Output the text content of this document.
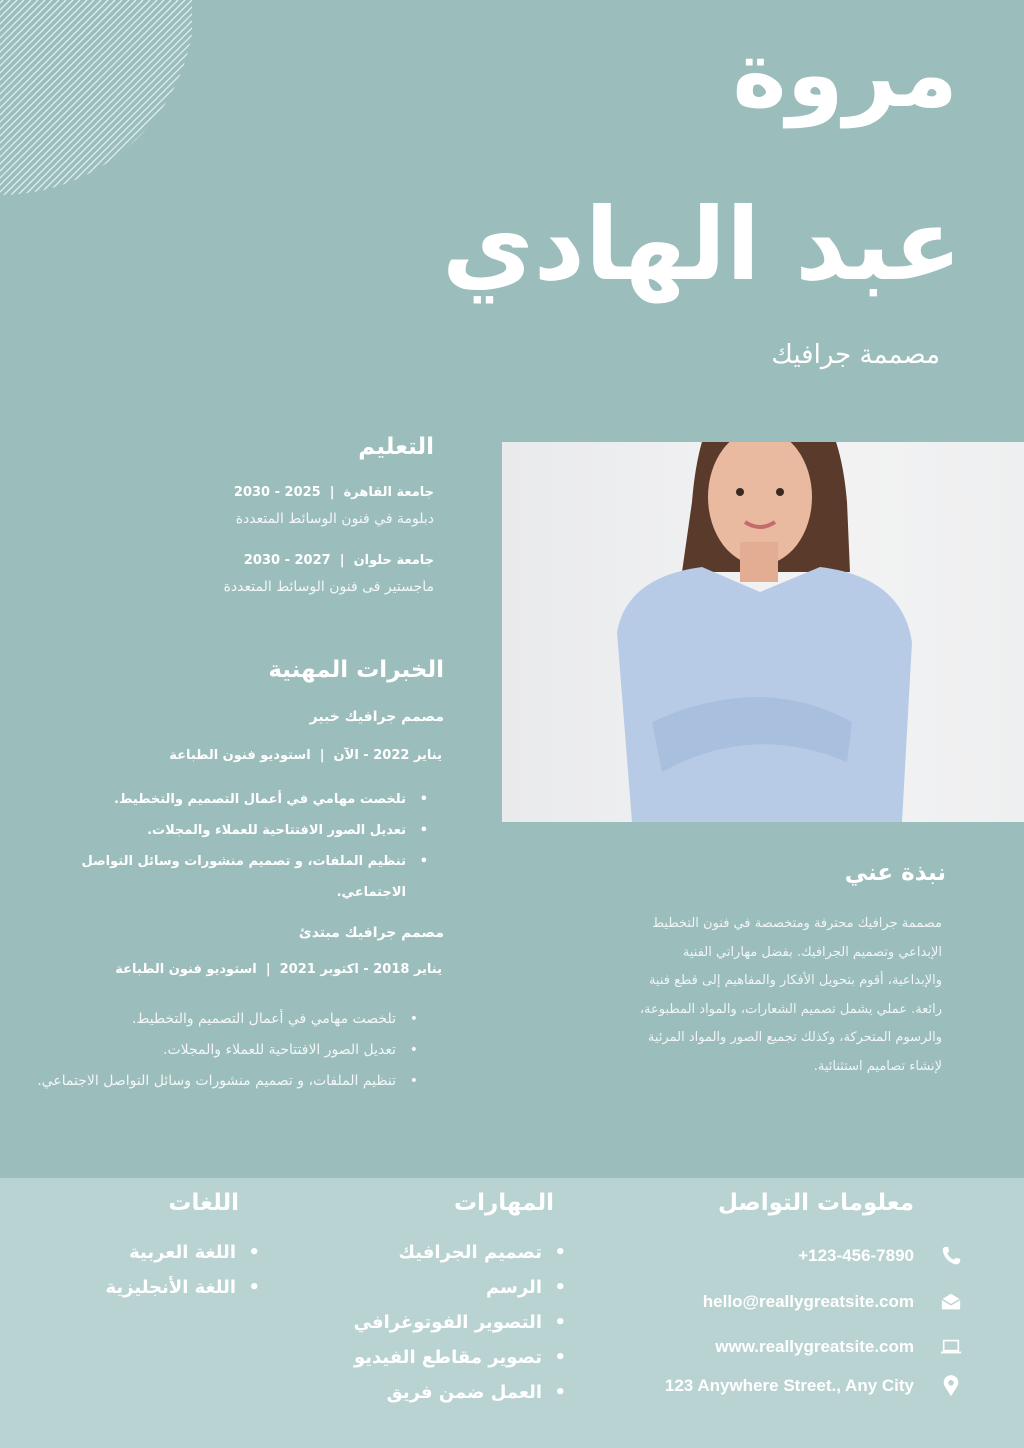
مروة
عبد الهادي
مصممة جرافيك
التعليم
جامعة القاهرة  |  2025 - 2030
دبلومة في فنون الوسائط المتعددة
جامعة حلوان  |  2027 - 2030
ماجستير فى فنون الوسائط المتعددة
الخبرات المهنية
مصمم جرافيك خبير
يناير 2022 - الآن  |  استوديو فنون الطباعة
• تلخصت مهامي في أعمال التصميم والتخطيط.
• تعديل الصور الافتتاحية للعملاء والمجلات.
• تنظيم الملفات، و تصميم منشورات وسائل التواصل الاجتماعي.
مصمم جرافيك مبتدئ
يناير 2018 - اكتوبر 2021  |  استوديو فنون الطباعة
• تلخصت مهامي في أعمال التصميم والتخطيط.
• تعديل الصور الافتتاحية للعملاء والمجلات.
• تنظيم الملفات، و تصميم منشورات وسائل التواصل الاجتماعي.
نبذة عني

مصممة جرافيك محترفة ومتخصصة في فنون التخطيط

الإبداعي وتصميم الجرافيك. بفضل مهاراتي الفنية

والإبداعية، أقوم بتحويل الأفكار والمفاهيم إلى قطع فنية

رائعة. عملي يشمل تصميم الشعارات، والمواد المطبوعة،

والرسوم المتحركة، وكذلك تجميع الصور والمواد المرئية

لإنشاء تصاميم استثنائية.

معلومات التواصل
+123-456-7890
hello@reallygreatsite.com
www.reallygreatsite.com
123 Anywhere Street., Any City
المهارات
• تصميم الجرافيك
• الرسم
• التصوير الفوتوغرافي
• تصوير مقاطع الفيديو
• العمل ضمن فريق
اللغات
• اللغة العربية
• اللغة الأنجليزية
